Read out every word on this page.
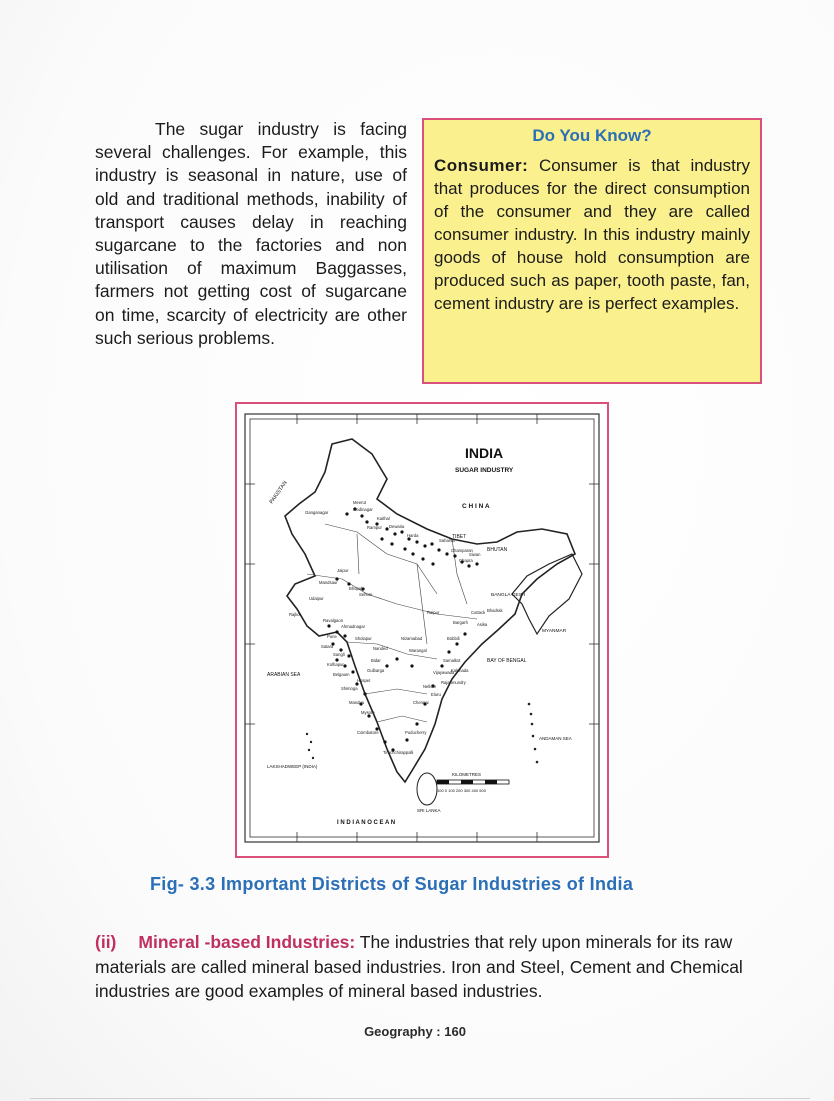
The sugar industry is facing several challenges. For example, this industry is seasonal in nature, use of old and traditional methods, inability of transport causes delay in reaching sugarcane to the factories and non utilisation of maximum Baggasses, farmers not getting cost of sugarcane on time, scarcity of electricity are other such serious problems.
Do You Know?
Consumer: Consumer is that industry that produces for the direct consumption of the consumer and they are called consumer industry. In this industry mainly goods of house hold consumption are produced such as paper, tooth paste, fan, cement industry are is perfect examples.
INDIA
SUGAR INDUSTRY
C H I N A
PAKISTAN
TIBET
BHUTAN
BANGLA-DESH
MYANMAR
ARABIAN SEA
BAY OF BENGAL
I N D I A N O C E A N
SRI LANKA
LAKSHADWEEP (INDIA)
ANDAMAN SEA
KILOMETRES
100 0 100 200 300 400 500
Ganganagar
Meerut
Modinagar
Rampur Dewaria
Harda
Jaipur
Champaran
Chapra
Saharsa
Siwan
Bhopal
Sehore
Mandsaur
Udaipur
Rajkot
Ravalgaon
Ahmadnagar
Pune
Satara
Sangli
Kolhapur
Belgaum
Shimoga
Mandya
Mysore
Coimbatore
Tiruchchirappalli
Puducherry
Chennai
Nellore
Vijayawada
Samalkot
Nizamabad	Bobbili
Bargarh
Raipur
Asika
Bhadrak
Cuttack
Sholapur
Nanded
Bidar
Hospet
Gulbarga	Kakinada
Rajahmundry
Eluru
Warangal
Kaithal
Fig- 3.3 Important Districts of Sugar Industries of India
(ii) Mineral -based Industries: The industries that rely upon minerals for its raw materials are called mineral based industries. Iron and Steel, Cement and Chemical industries are good examples of mineral based industries.
Geography : 160
